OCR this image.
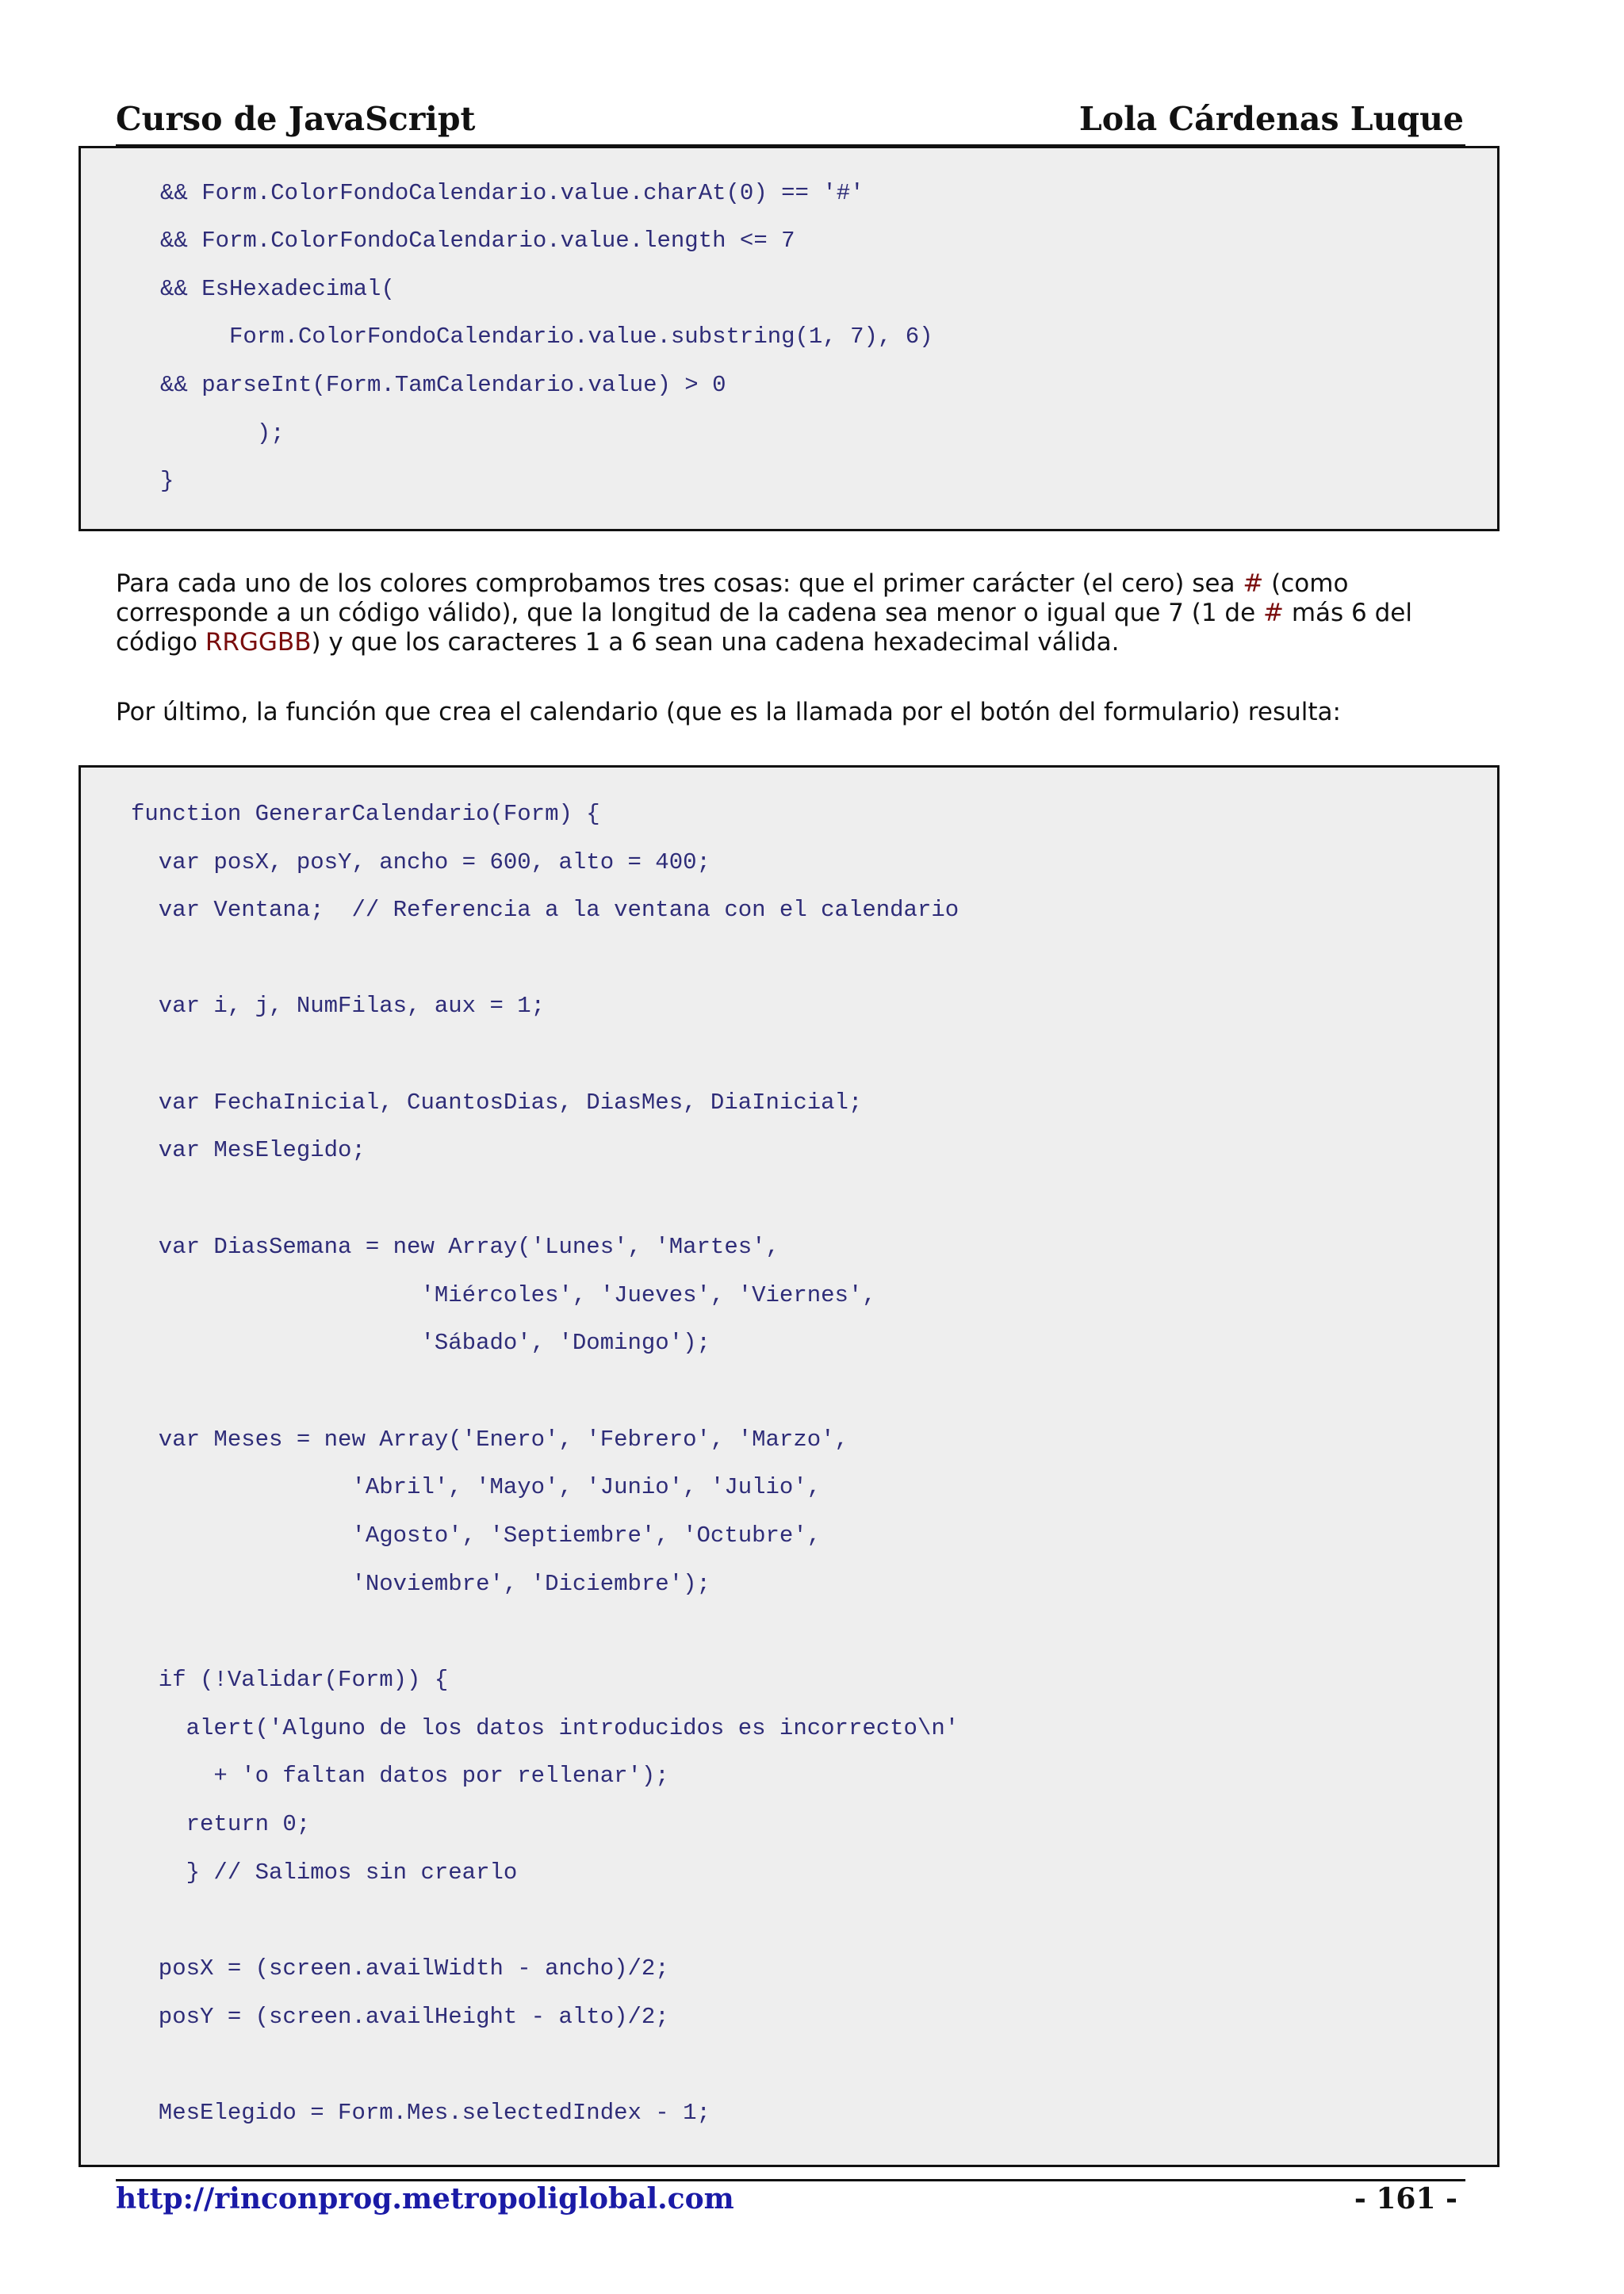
Curso de JavaScript	Lola Cárdenas Luque
&& Form.ColorFondoCalendario.value.charAt(0) == '#'
&& Form.ColorFondoCalendario.value.length <= 7
&& EsHexadecimal(
Form.ColorFondoCalendario.value.substring(1, 7), 6)
&& parseInt(Form.TamCalendario.value) > 0
);
}
Para cada uno de los colores comprobamos tres cosas: que el primer carácter (el cero) sea # (como corresponde a un código válido), que la longitud de la cadena sea menor o igual que 7 (1 de # más 6 del código RRGGBB) y que los caracteres 1 a 6 sean una cadena hexadecimal válida.
Por último, la función que crea el calendario (que es la llamada por el botón del formulario) resulta:
function GenerarCalendario(Form) {
var posX, posY, ancho = 600, alto = 400;
var Ventana;  // Referencia a la ventana con el calendario
var i, j, NumFilas, aux = 1;
var FechaInicial, CuantosDias, DiasMes, DiaInicial;
var MesElegido;
var DiasSemana = new Array('Lunes', 'Martes',
'Miércoles', 'Jueves', 'Viernes',
'Sábado', 'Domingo');
var Meses = new Array('Enero', 'Febrero', 'Marzo',
'Abril', 'Mayo', 'Junio', 'Julio',
'Agosto', 'Septiembre', 'Octubre',
'Noviembre', 'Diciembre');
if (!Validar(Form)) {
alert('Alguno de los datos introducidos es incorrecto\n'
+ 'o faltan datos por rellenar');
return 0;
} // Salimos sin crearlo
posX = (screen.availWidth - ancho)/2;
posY = (screen.availHeight - alto)/2;
MesElegido = Form.Mes.selectedIndex - 1;
http://rinconprog.metropoliglobal.com	- 161 -
